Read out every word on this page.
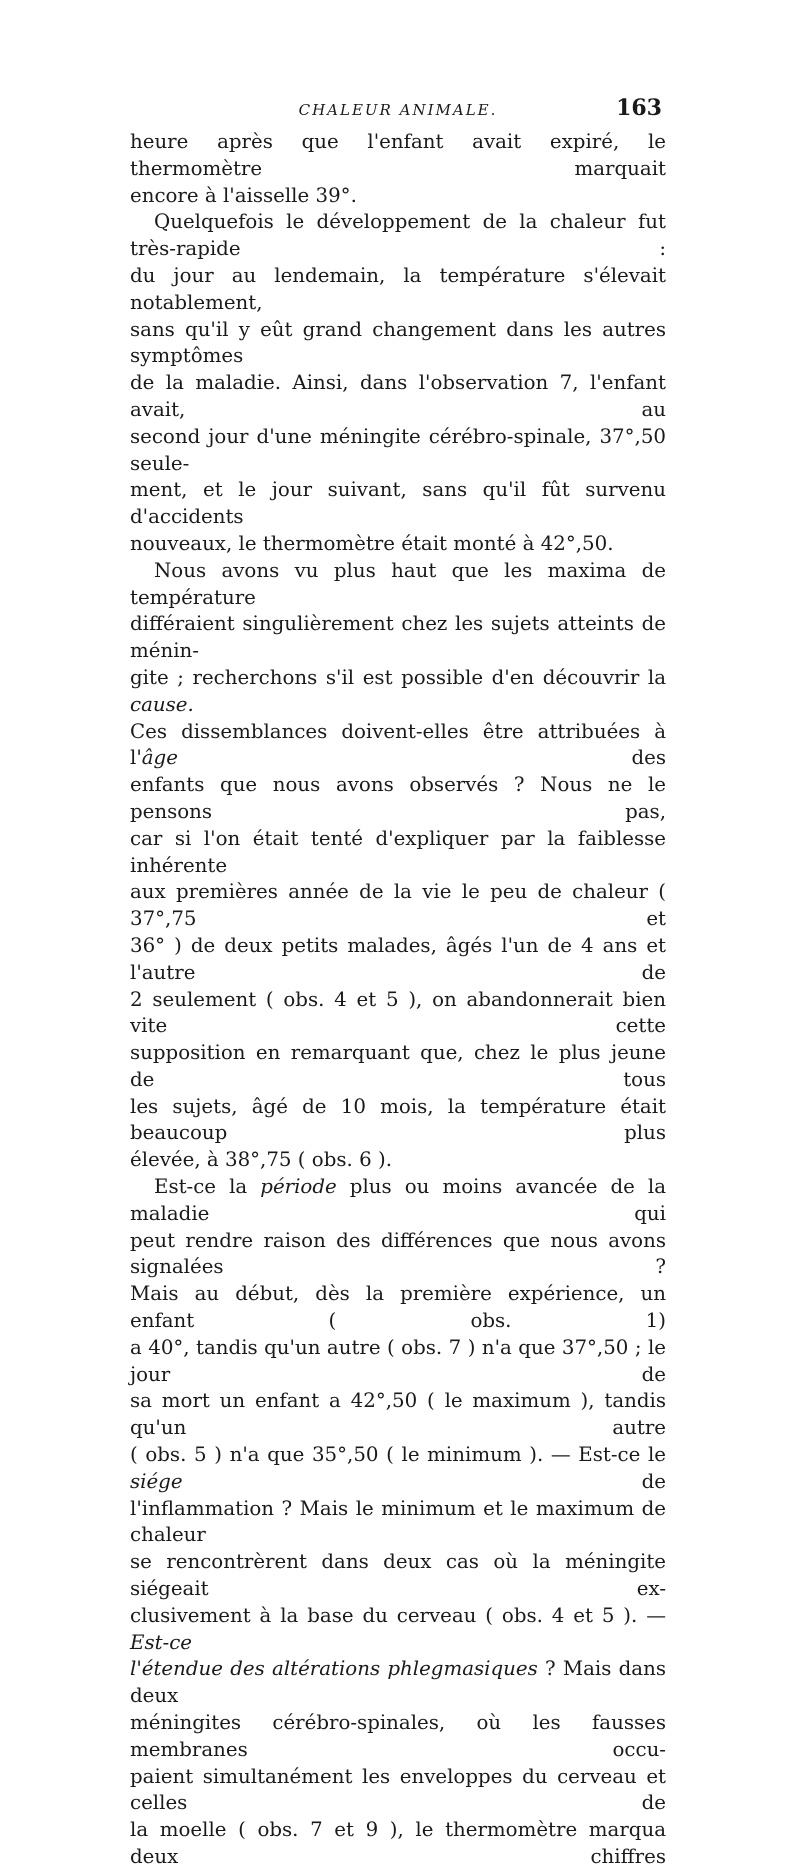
CHALEUR ANIMALE.	163

heure après que l'enfant avait expiré, le thermomètre marquait

encore à l'aisselle 39°.

Quelquefois le développement de la chaleur fut très-rapide :

du jour au lendemain, la température s'élevait notablement,

sans qu'il y eût grand changement dans les autres symptômes

de la maladie. Ainsi, dans l'observation 7, l'enfant avait, au

second jour d'une méningite cérébro-spinale, 37°,50 seule-

ment, et le jour suivant, sans qu'il fût survenu d'accidents

nouveaux, le thermomètre était monté à 42°,50.

Nous avons vu plus haut que les maxima de température

différaient singulièrement chez les sujets atteints de ménin-

gite ; recherchons s'il est possible d'en découvrir la cause.

Ces dissemblances doivent-elles être attribuées à l'âge	des

enfants que nous avons observés ? Nous ne le pensons pas,

car si l'on était tenté d'expliquer par la faiblesse inhérente

aux premières année de la vie le peu de chaleur ( 37°,75 et

36° ) de deux petits malades, âgés l'un de 4 ans et l'autre de

2 seulement ( obs. 4 et 5 ), on abandonnerait bien vite cette

supposition en remarquant que, chez le plus jeune de tous

les sujets, âgé de 10 mois, la température était beaucoup plus

élevée, à 38°,75 ( obs. 6 ).

Est-ce la période plus ou moins avancée de la maladie qui

peut rendre raison des différences que nous avons signalées ?

Mais au début, dès la première expérience, un enfant ( obs. 1)

a 40°, tandis qu'un autre ( obs. 7 ) n'a que 37°,50 ; le jour de

sa mort un enfant a 42°,50 ( le maximum ), tandis qu'un autre

( obs. 5 ) n'a que 35°,50 ( le minimum ). — Est-ce le siége	de

l'inflammation ? Mais le minimum et le maximum de chaleur

se rencontrèrent dans deux cas où la méningite siégeait ex-

clusivement à la base du cerveau ( obs. 4 et 5 ). — Est-ce

l'étendue des altérations phlegmasiques ? Mais dans deux

méningites cérébro-spinales, où les fausses membranes occu-

paient simultanément les enveloppes du cerveau et celles de

la moelle ( obs. 7 et 9 ), le thermomètre marqua deux chiffres
